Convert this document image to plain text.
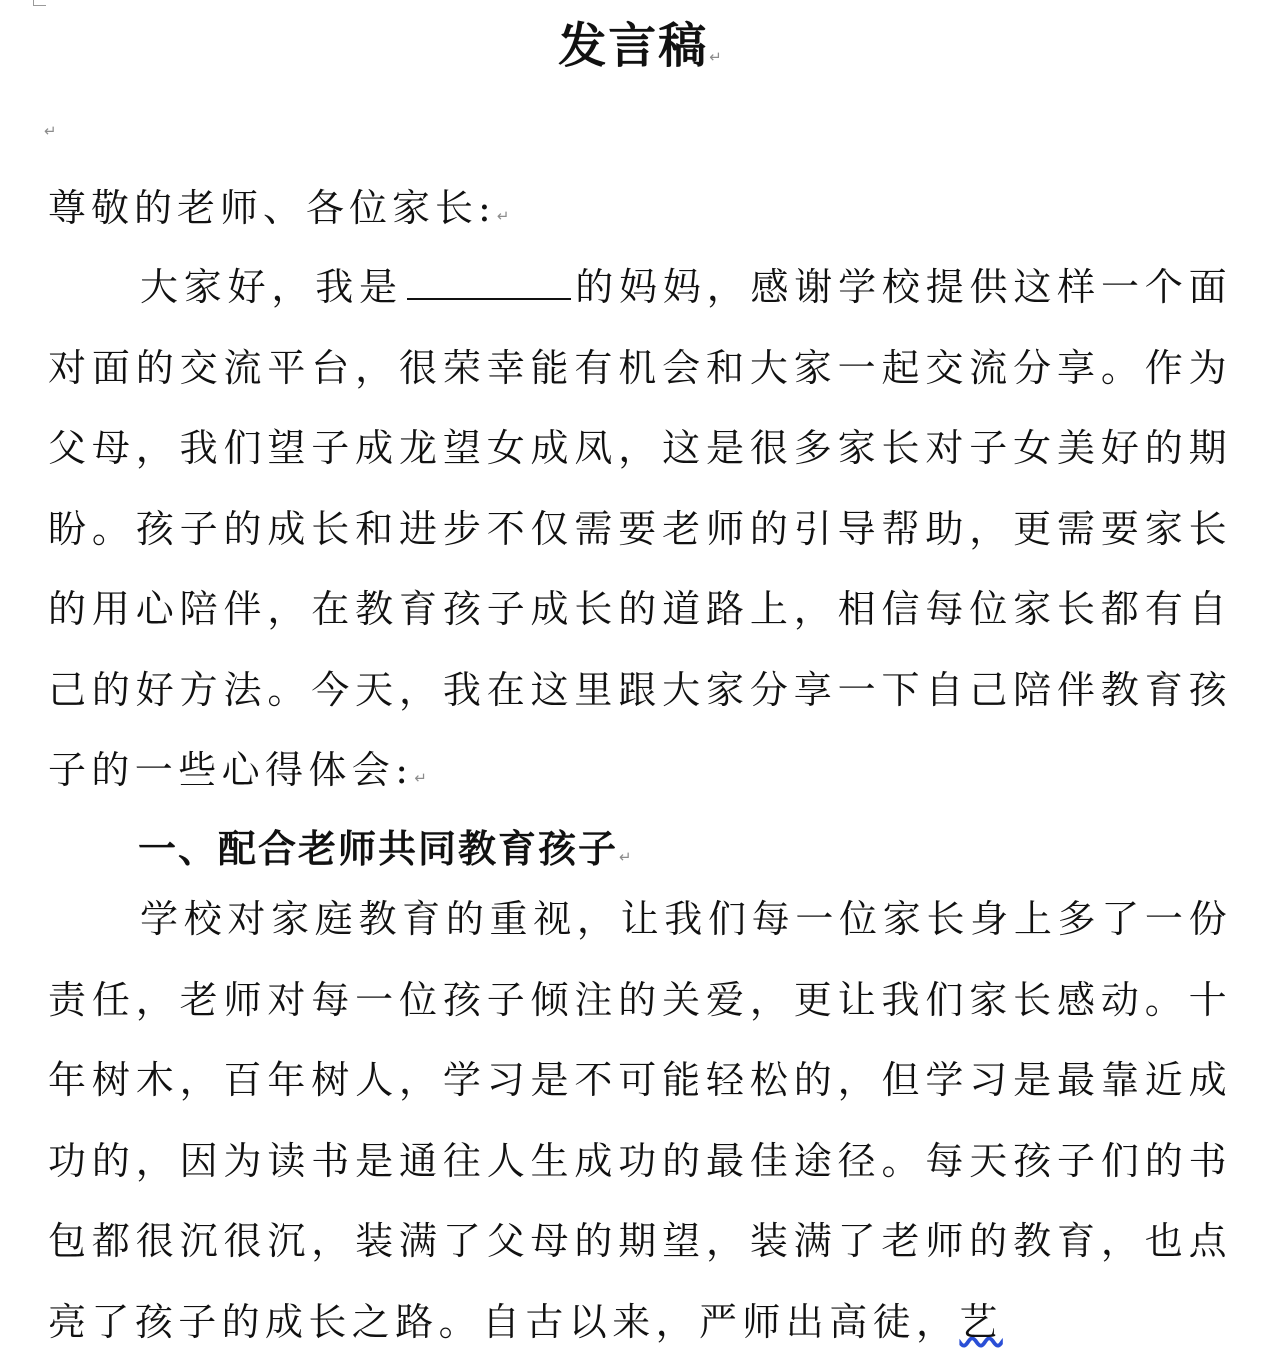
发言稿↵
↵
尊敬的老师、各位家长:↵

大家好，我是	的妈妈，感谢学校提供这样一个面对面的交流平台，很荣幸能有机会和大家一起交流分享。作为父母，我们望子成龙望女成凤，这是很多家长对子女美好的期盼。孩子的成长和进步不仅需要老师的引导帮助，更需要家长的用心陪伴，在教育孩子成长的道路上，相信每位家长都有自己的好方法。今天，我在这里跟大家分享一下自己陪伴教育孩子的一些心得体会:↵

一、配合老师共同教育孩子↵

学校对家庭教育的重视，让我们每一位家长身上多了一份责任，老师对每一位孩子倾注的关爱，更让我们家长感动。十年树木，百年树人，学习是不可能轻松的，但学习是最靠近成功的，因为读书是通往人生成功的最佳途径。每天孩子们的书包都很沉很沉，装满了父母的期望，装满了老师的教育，也点亮了孩子的成长之路。自古以来，严师出高徒，艺
